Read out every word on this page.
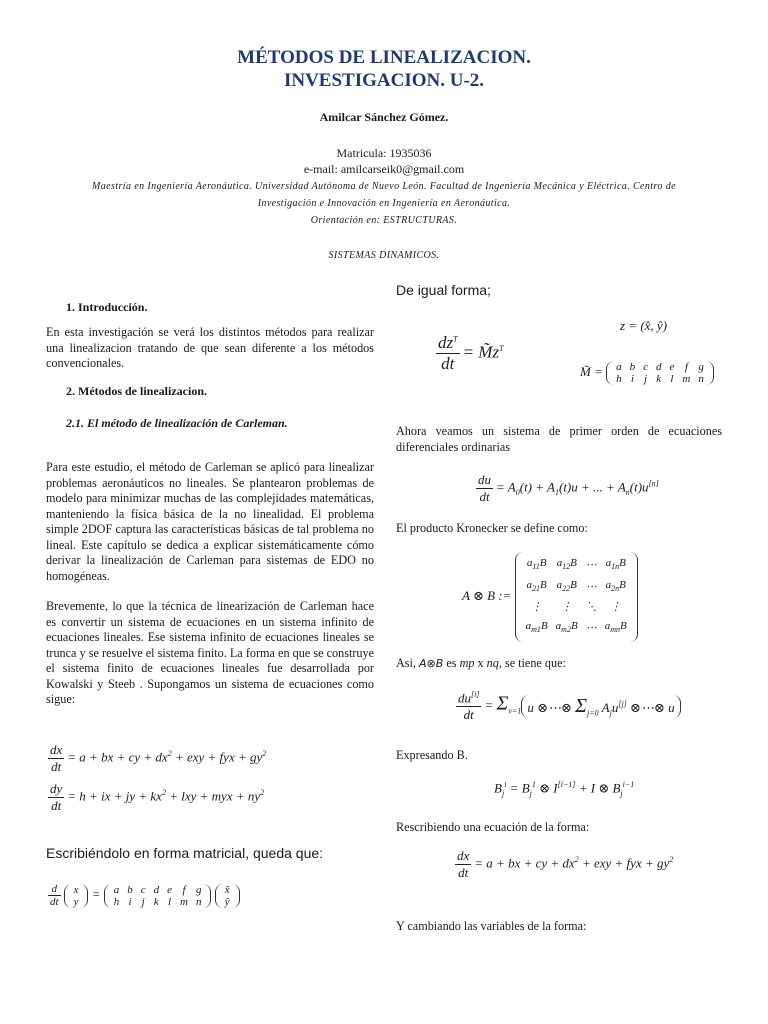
MÉTODOS DE LINEALIZACION.
INVESTIGACION. U-2.
Amilcar Sánchez Gómez.
Matricula: 1935036
e-mail: amilcarseik0@gmail.com
Maestría en Ingeniería Aeronáutica. Universidad Autónoma de Nuevo León. Facultad de Ingeniería Mecánica y Eléctrica. Centro de
Investigación e Innovación en Ingeniería en Aeronáutica.
Orientación en: ESTRUCTURAS.
SISTEMAS DINAMICOS.
1. Introducción.
En esta investigación se verá los distintos métodos para realizar una linealizacion tratando de que sean diferente a los métodos convencionales.
2. Métodos de linealizacion.
2.1. El método de linealización de Carleman.
Para este estudio, el método de Carleman se aplicó para linealizar problemas aeronáuticos no lineales. Se plantearon problemas de modelo para minimizar muchas de las complejidades matemáticas, manteniendo la física básica de la no linealidad. El problema simple 2DOF captura las características básicas de tal problema no lineal. Este capítulo se dedica a explicar sistemáticamente cómo derivar la linealización de Carleman para sistemas de EDO no homogéneas.
Brevemente, lo que la técnica de linearización de Carleman hace es convertir un sistema de ecuaciones en un sistema infinito de ecuaciones lineales. Ese sistema infinito de ecuaciones lineales se trunca y se resuelve el sistema finito. La forma en que se construye el sistema finito de ecuaciones lineales fue desarrollada por Kowalski y Steeb . Supongamos un sistema de ecuaciones como sigue:
$\frac{dx}{dt} = a$ + bx + cy + $dx^2$ + exy + fyx + $gy^2$
$\frac{dy}{dt} = h$ + ix + jy + $kx^2$ + lxy + myx + $ny^2$
Escribiéndolo en forma matricial, queda que:
$\frac{d}{dt}$ x
y
= a	b	c	d	e	f	g
h	i	j	k	l	m	n

x̂
ŷ
De igual forma;
z = (x̂, ŷ)
$\frac{dz^T}{dt}$ = $M̃z^T$
M̃ = a	b	c	d	e	f	g
h	i	j	k	l	m	n
Ahora veamos un sistema de primer orden de ecuaciones diferenciales ordinarias
$\frac{du}{dt} = A_0(t) + A_1(t)u$ + ... + $A_n(t)u[n]$
El producto Kronecker se define como:
A ⊗ B :=
$a_{11}B$	$a_{12}B$	⋯	$a_{1n}B$
$a_{21}B$	$a_{22}B$	⋯	$a_{2n}B$
⋮	⋮	⋱	⋮
$a_{m1}B$	$a_{m2}B$	⋯	$a_{mn}B$
Asi, A⊗B es mp x nq, se tiene que:
$\frac{du^{[i]}}{dt} = \Sigma_{v=1}$ u ⊗⋯⊗ $\Sigma_{j=0}$ $A_ju[j]$ ⊗⋯⊗ u
Expresando B.
$B_j^i = B_j^1$ ⊗ I[i−1] + I ⊗ $B_j^{i-1}$
Rescribiendo una ecuación de la forma:
$\frac{dx}{dt} = a$ + bx + cy + $dx^2$ + exy + fyx + $gy^2$
Y cambiando las variables de la forma:
